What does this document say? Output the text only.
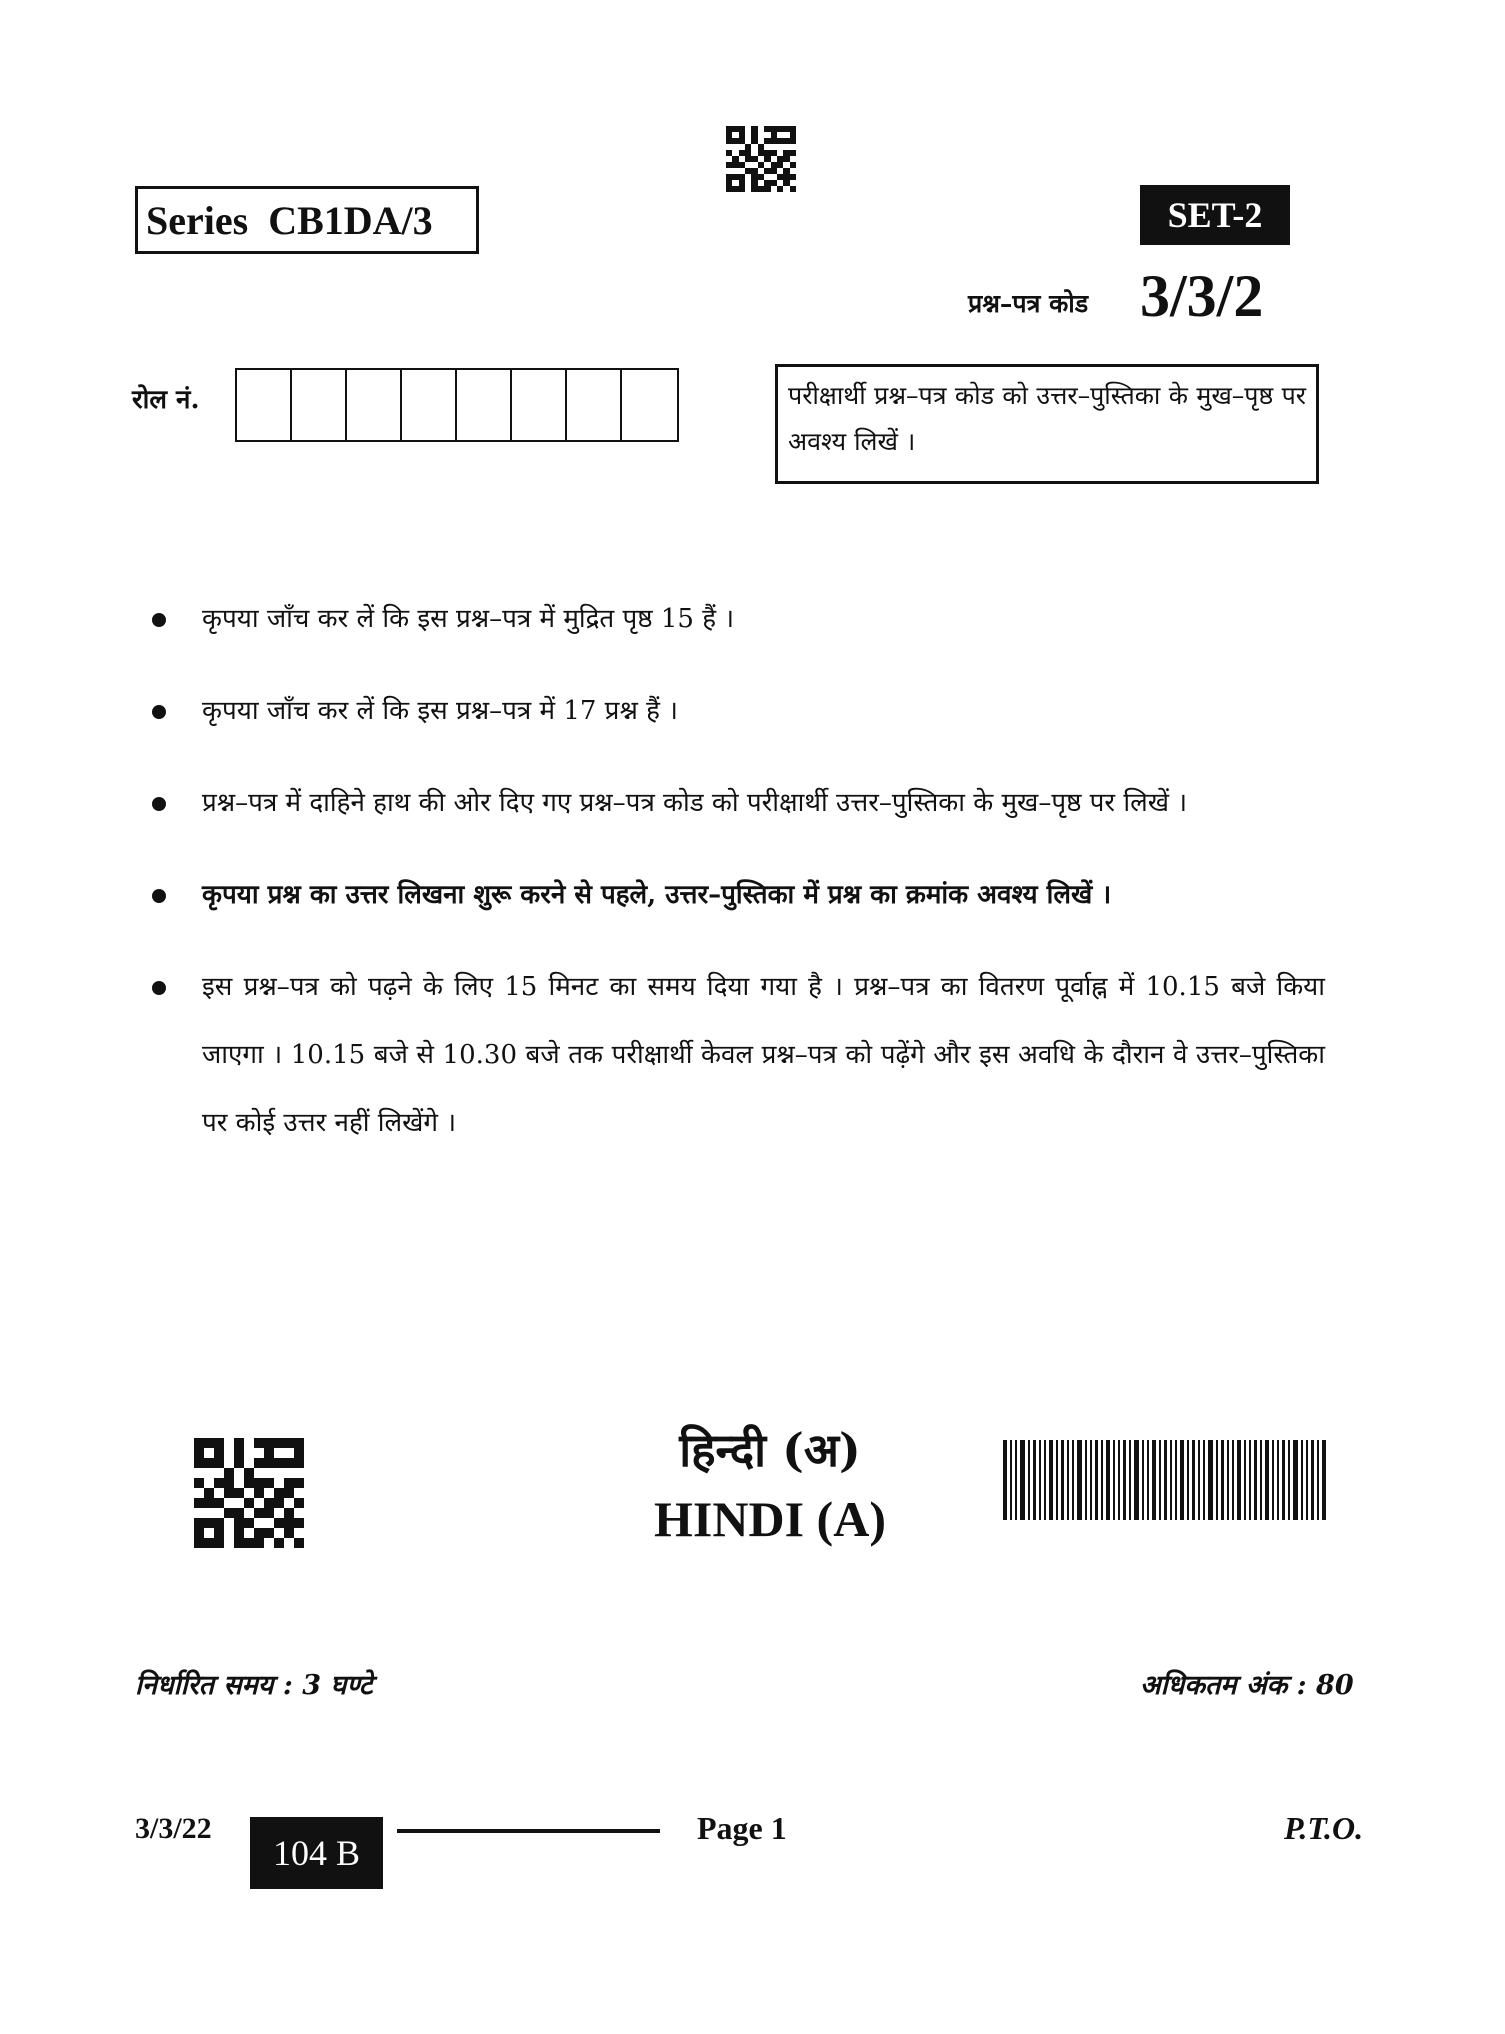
Series  CB1DA/3	SET-2
प्रश्न–पत्र कोड 3/3/2
रोल नं.	परीक्षार्थी प्रश्न–पत्र कोड को उत्तर–पुस्तिका के मुख–पृष्ठ पर अवश्य लिखें ।
कृपया जाँच कर लें कि इस प्रश्न–पत्र में मुद्रित पृष्ठ 15 हैं ।
कृपया जाँच कर लें कि इस प्रश्न–पत्र में 17 प्रश्न हैं ।
प्रश्न–पत्र में दाहिने हाथ की ओर दिए गए प्रश्न–पत्र कोड को परीक्षार्थी उत्तर–पुस्तिका के मुख–पृष्ठ पर लिखें ।
कृपया प्रश्न का उत्तर लिखना शुरू करने से पहले, उत्तर–पुस्तिका में प्रश्न का क्रमांक अवश्य लिखें ।
इस प्रश्न–पत्र को पढ़ने के लिए 15 मिनट का समय दिया गया है । प्रश्न–पत्र का वितरण पूर्वाह्न में 10.15 बजे किया जाएगा । 10.15 बजे से 10.30 बजे तक परीक्षार्थी केवल प्रश्न–पत्र को पढ़ेंगे और इस अवधि के दौरान वे उत्तर–पुस्तिका पर कोई उत्तर नहीं लिखेंगे ।
हिन्दी (अ)
HINDI (A)
निर्धारित समय : 3 घण्टे	अधिकतम अंक : 80
3/3/22
104 B
Page 1	P.T.O.
